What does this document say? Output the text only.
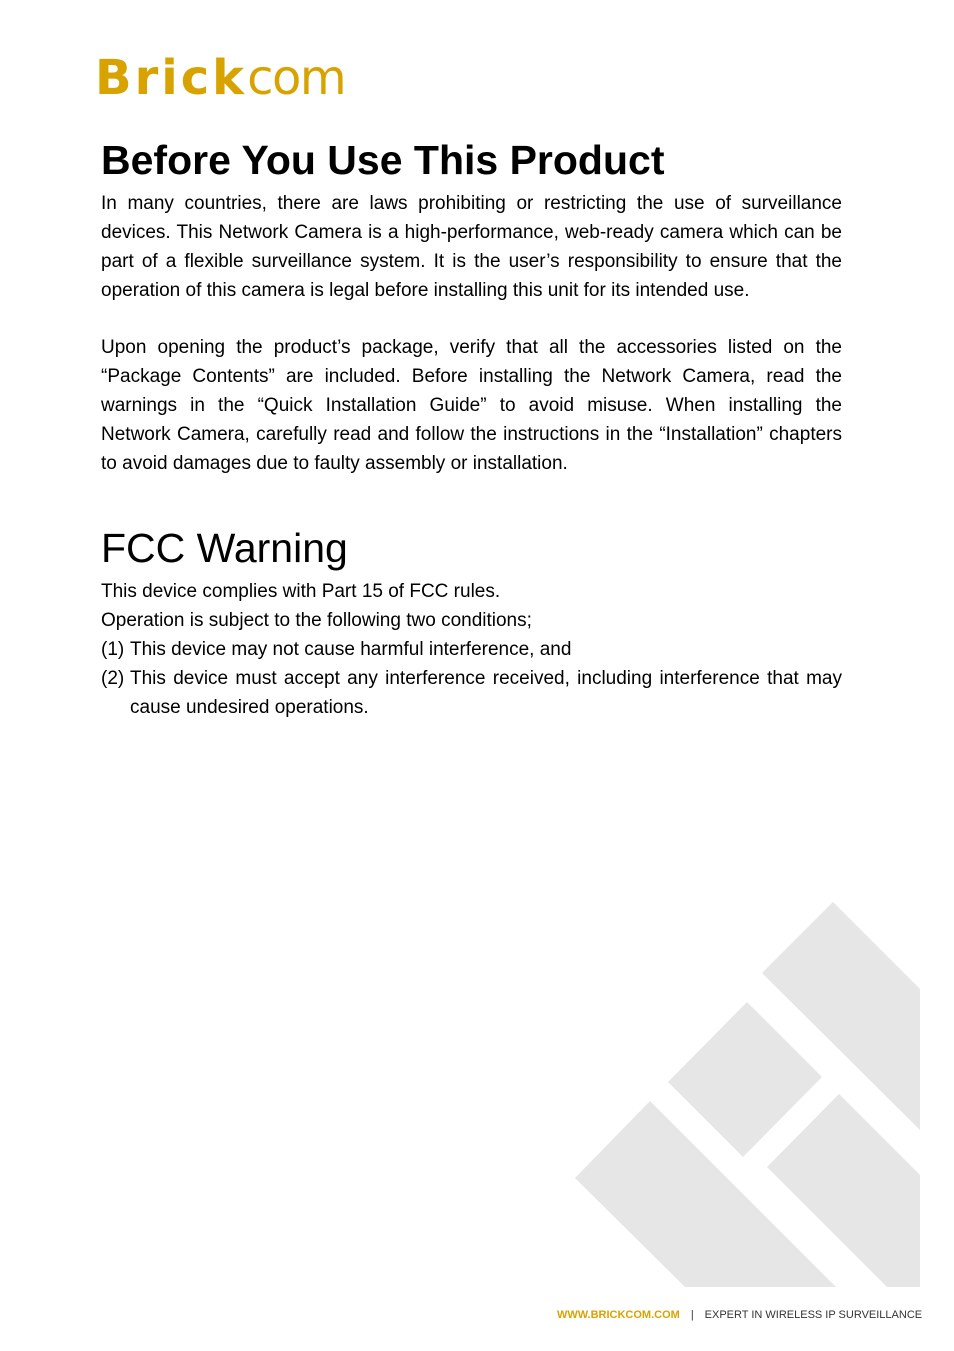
Brickcom
Before You Use This Product
In many countries, there are laws prohibiting or restricting the use of surveillance
devices. This Network Camera is a high-performance, web-ready camera which can be
part of a flexible surveillance system. It is the user’s responsibility to ensure that the
operation of this camera is legal before installing this unit for its intended use.
Upon opening the product’s package, verify that all the accessories listed on the
“Package Contents” are included. Before installing the Network Camera, read the
warnings in the “Quick Installation Guide” to avoid misuse. When installing the
Network Camera, carefully read and follow the instructions in the “Installation” chapters
to avoid damages due to faulty assembly or installation.
FCC Warning
This device complies with Part 15 of FCC rules.
Operation is subject to the following two conditions;
(1) This device may not cause harmful interference, and
(2) This device must accept any interference received, including interference that may
cause undesired operations.
WWW.BRICKCOM.COM | EXPERT IN WIRELESS IP SURVEILLANCE
